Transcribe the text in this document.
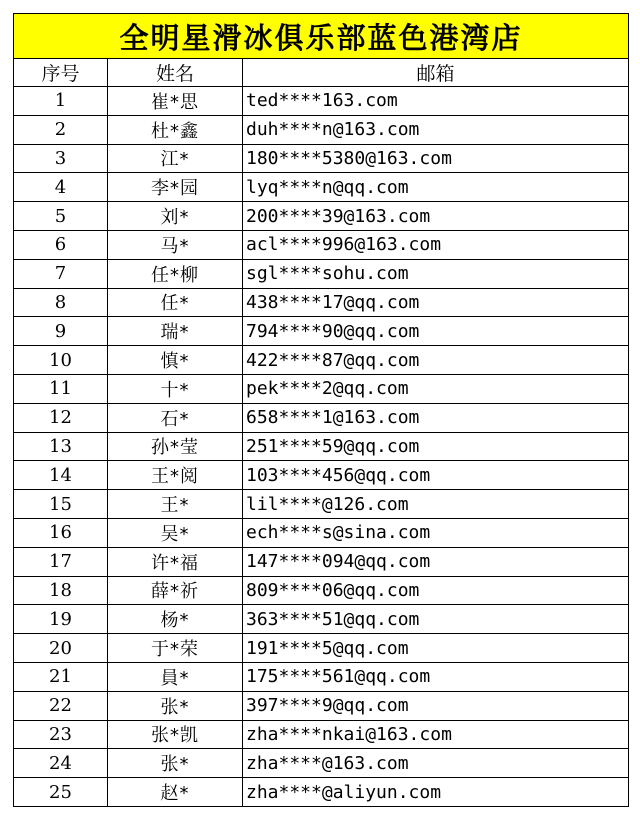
全明星滑冰俱乐部蓝色港湾店		
序号	姓名	邮箱
1	崔*思	ted****163.com
2	杜*鑫	duh****n@163.com
3	江*	180****5380@163.com
4	李*园	lyq****n@qq.com
5	刘*	200****39@163.com
6	马*	acl****996@163.com
7	任*柳	sgl****sohu.com
8	任*	438****17@qq.com
9	瑞*	794****90@qq.com
10	慎*	422****87@qq.com
11	十*	pek****2@qq.com
12	石*	658****1@163.com
13	孙*莹	251****59@qq.com
14	王*阅	103****456@qq.com
15	王*	lil****@126.com
16	吴*	ech****s@sina.com
17	许*福	147****094@qq.com
18	薛*祈	809****06@qq.com
19	杨*	363****51@qq.com
20	于*荣	191****5@qq.com
21	員*	175****561@qq.com
22	张*	397****9@qq.com
23	张*凯	zha****nkai@163.com
24	张*	zha****@163.com
25	赵*	zha****@aliyun.com
